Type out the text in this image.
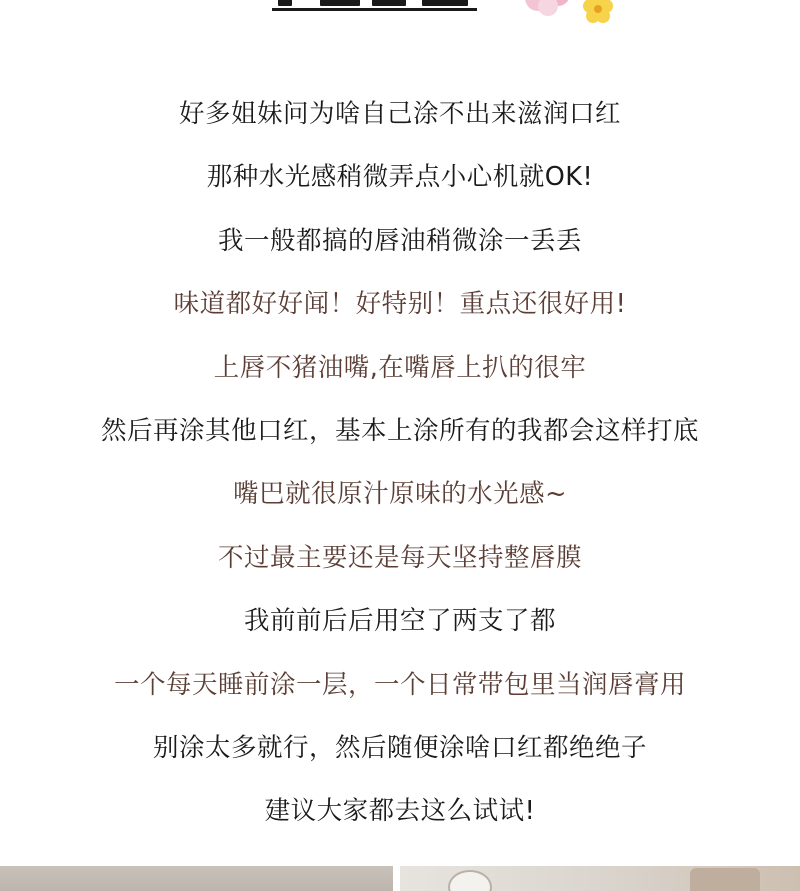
好多姐妹问为啥自己涂不出来滋润口红
那种水光感稍微弄点小心机就OK!
我一般都搞的唇油稍微涂一丢丢
味道都好好闻！好特别！重点还很好用!
上唇不猪油嘴,在嘴唇上扒的很牢
然后再涂其他口红，基本上涂所有的我都会这样打底
嘴巴就很原汁原味的水光感~
不过最主要还是每天坚持整唇膜
我前前后后用空了两支了都
一个每天睡前涂一层，一个日常带包里当润唇膏用
别涂太多就行，然后随便涂啥口红都绝绝子
建议大家都去这么试试!
